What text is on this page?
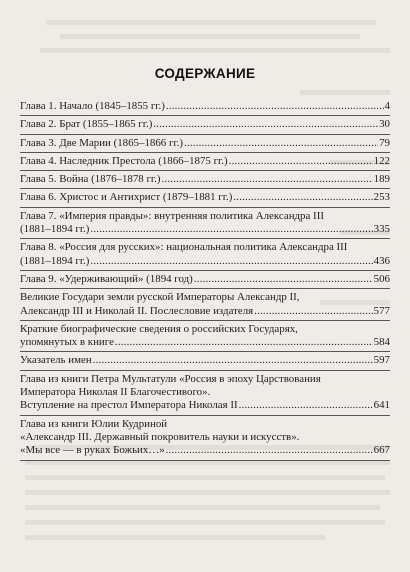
СОДЕРЖАНИЕ
Глава 1. Начало (1845–1855 гг.) .....	4
Глава 2. Брат (1855–1865 гг.) .....	30
Глава 3. Две Марии (1865–1866 гг.) .....	79
Глава 4. Наследник Престола (1866–1875 гг.) .....	122
Глава 5. Война (1876–1878 гг.) .....	189
Глава 6. Христос и Антихрист (1879–1881 гг.) .....	253
Глава 7. «Империя правды»: внутренняя политика Александра III
(1881–1894 гг.) .....	335
Глава 8. «Россия для русских»: национальная политика Александра III
(1881–1894 гг.) .....	436
Глава 9. «Удерживающий» (1894 год) .....	506
Великие Государи земли русской Императоры Александр II,
Александр III и Николай II. Послесловие издателя .....	577
Краткие биографические сведения о российских Государях,
упомянутых в книге .....	584
Указатель имен .....	597
Глава из книги Петра Мультатули «Россия в эпоху Царствования
Императора Николая II Благочестивого».
Вступление на престол Императора Николая II .....	641
Глава из книги Юлии Кудриной
«Александр III. Державный покровитель науки и искусств».
«Мы все — в руках Божьих…» .....	667
